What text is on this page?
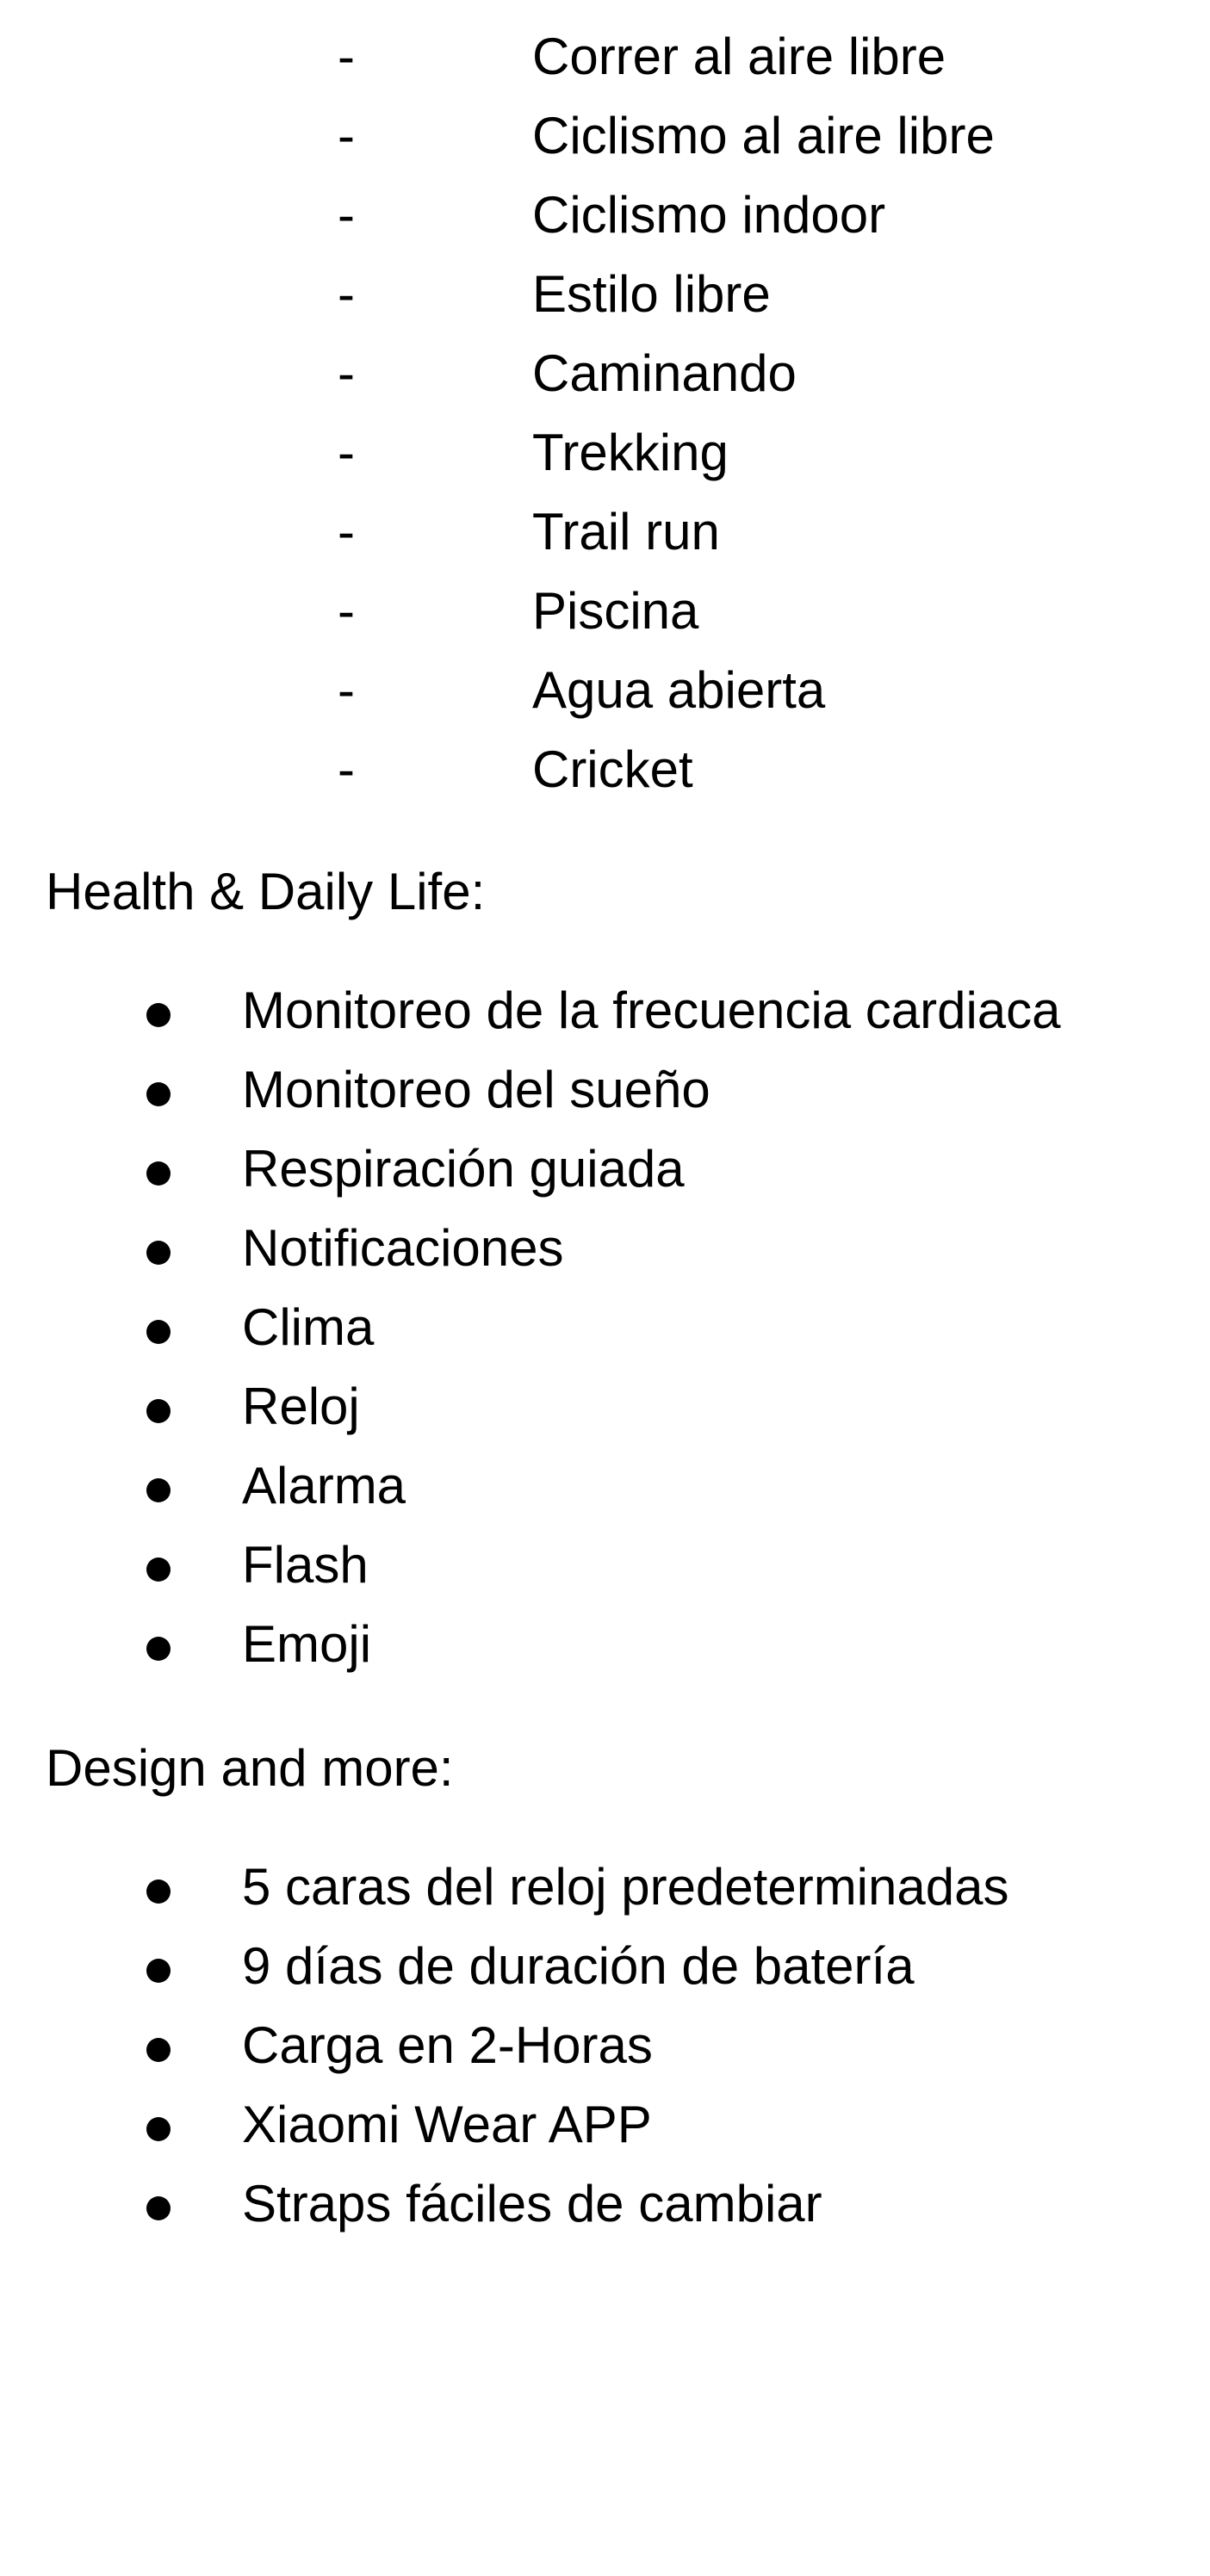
-	Correr al aire libre
-	Ciclismo al aire libre
-	Ciclismo indoor
-	Estilo libre
-	Caminando
-	Trekking
-	Trail run
-	Piscina
-	Agua abierta
-	Cricket
Health & Daily Life:
Monitoreo de la frecuencia cardiaca
Monitoreo del sueño
Respiración guiada
Notificaciones
Clima
Reloj
Alarma
Flash
Emoji
Design and more:
5 caras del reloj predeterminadas
9 días de duración de batería
Carga en 2-Horas
Xiaomi Wear APP
Straps fáciles de cambiar
